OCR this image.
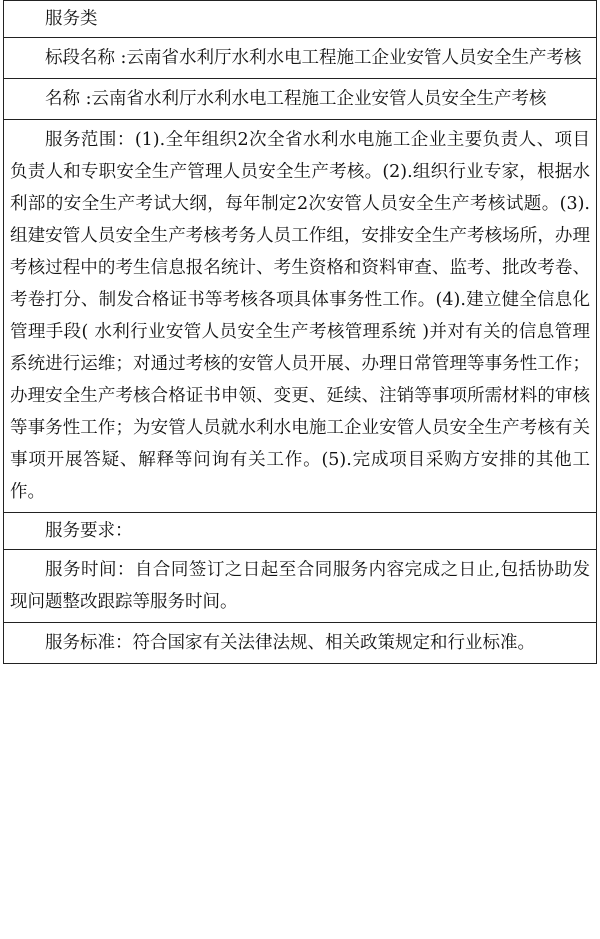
服务类
标段名称 :云南省水利厅水利水电工程施工企业安管人员安全生产考核
名称 :云南省水利厅水利水电工程施工企业安管人员安全生产考核
服务范围：(1).全年组织2次全省水利水电施工企业主要负责人、项目负责人和专职安全生产管理人员安全生产考核。(2).组织行业专家，根据水利部的安全生产考试大纲，每年制定2次安管人员安全生产考核试题。(3).组建安管人员安全生产考核考务人员工作组，安排安全生产考核场所，办理考核过程中的考生信息报名统计、考生资格和资料审查、监考、批改考卷、考卷打分、制发合格证书等考核各项具体事务性工作。(4).建立健全信息化管理手段( 水利行业安管人员安全生产考核管理系统 )并对有关的信息管理系统进行运维；对通过考核的安管人员开展、办理日常管理等事务性工作；办理安全生产考核合格证书申领、变更、延续、注销等事项所需材料的审核等事务性工作；为安管人员就水利水电施工企业安管人员安全生产考核有关事项开展答疑、解释等问询有关工作。(5).完成项目采购方安排的其他工作。
服务要求：
服务时间：自合同签订之日起至合同服务内容完成之日止,包括协助发现问题整改跟踪等服务时间。
服务标准：符合国家有关法律法规、相关政策规定和行业标准。
